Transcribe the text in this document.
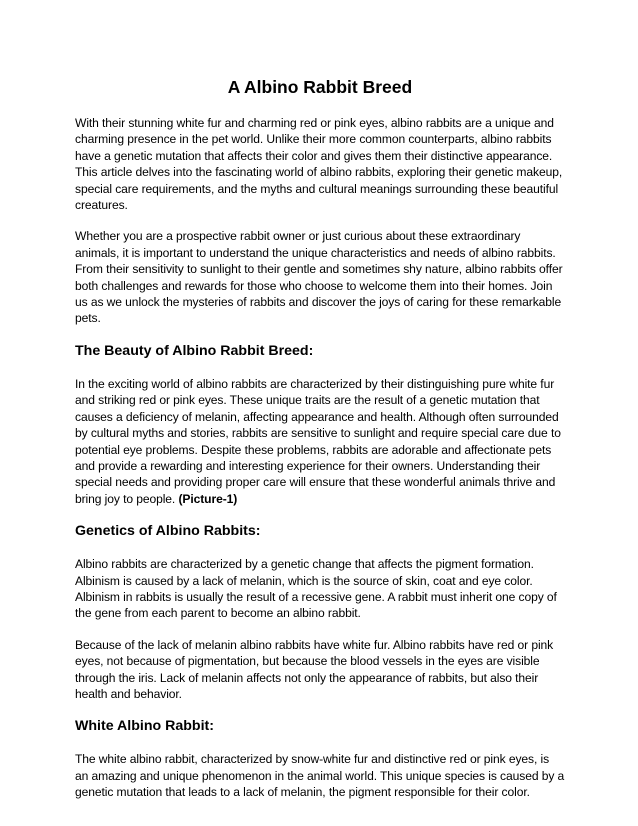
A Albino Rabbit Breed

With their stunning white fur and charming red or pink eyes, albino rabbits are a unique and charming presence in the pet world. Unlike their more common counterparts, albino rabbits have a genetic mutation that affects their color and gives them their distinctive appearance. This article delves into the fascinating world of albino rabbits, exploring their genetic makeup, special care requirements, and the myths and cultural meanings surrounding these beautiful creatures.

Whether you are a prospective rabbit owner or just curious about these extraordinary animals, it is important to understand the unique characteristics and needs of albino rabbits. From their sensitivity to sunlight to their gentle and sometimes shy nature, albino rabbits offer both challenges and rewards for those who choose to welcome them into their homes. Join us as we unlock the mysteries of rabbits and discover the joys of caring for these remarkable pets.

The Beauty of Albino Rabbit Breed:

In the exciting world of albino rabbits are characterized by their distinguishing pure white fur and striking red or pink eyes. These unique traits are the result of a genetic mutation that causes a deficiency of melanin, affecting appearance and health. Although often surrounded by cultural myths and stories, rabbits are sensitive to sunlight and require special care due to potential eye problems. Despite these problems, rabbits are adorable and affectionate pets and provide a rewarding and interesting experience for their owners. Understanding their special needs and providing proper care will ensure that these wonderful animals thrive and bring joy to people. (Picture-1)

Genetics of Albino Rabbits:

Albino rabbits are characterized by a genetic change that affects the pigment formation. Albinism is caused by a lack of melanin, which is the source of skin, coat and eye color. Albinism in rabbits is usually the result of a recessive gene. A rabbit must inherit one copy of the gene from each parent to become an albino rabbit.

Because of the lack of melanin albino rabbits have white fur. Albino rabbits have red or pink eyes, not because of pigmentation, but because the blood vessels in the eyes are visible through the iris. Lack of melanin affects not only the appearance of rabbits, but also their health and behavior.

White Albino Rabbit:

The white albino rabbit, characterized by snow-white fur and distinctive red or pink eyes, is an amazing and unique phenomenon in the animal world. This unique species is caused by a genetic mutation that leads to a lack of melanin, the pigment responsible for their color.
